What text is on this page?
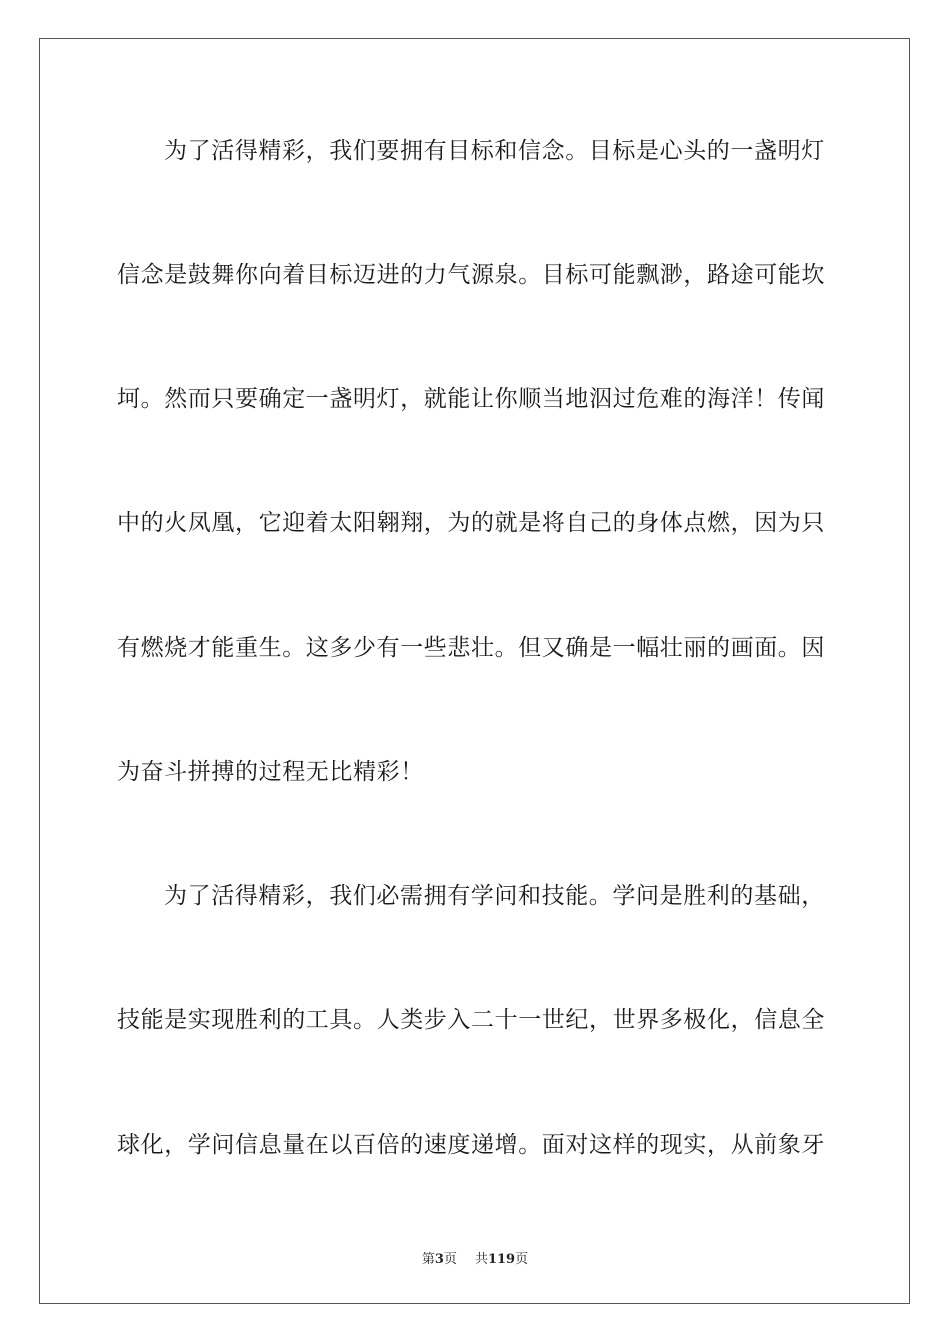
为了活得精彩，我们要拥有目标和信念。目标是心头的一盏明灯
信念是鼓舞你向着目标迈进的力气源泉。目标可能飘渺，路途可能坎
坷。然而只要确定一盏明灯，就能让你顺当地泅过危难的海洋！传闻
中的火凤凰，它迎着太阳翱翔，为的就是将自己的身体点燃，因为只
有燃烧才能重生。这多少有一些悲壮。但又确是一幅壮丽的画面。因
为奋斗拼搏的过程无比精彩！
为了活得精彩，我们必需拥有学问和技能。学问是胜利的基础，
技能是实现胜利的工具。人类步入二十一世纪，世界多极化，信息全
球化，学问信息量在以百倍的速度递增。面对这样的现实，从前象牙
第3页 共119页
